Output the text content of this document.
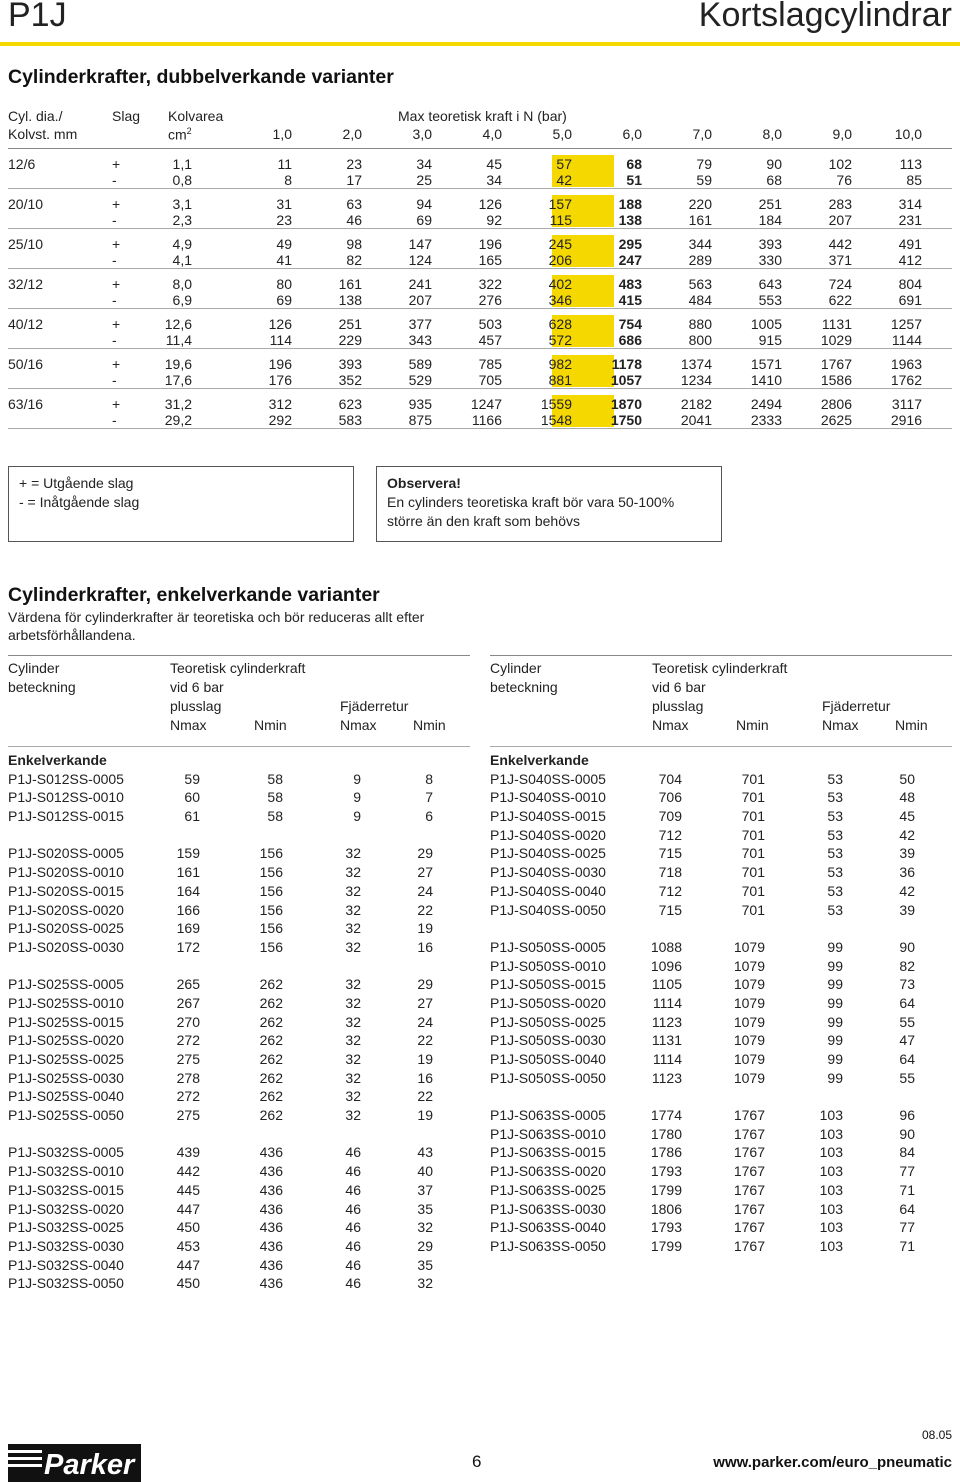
P1J	Kortslagcylindrar
Cylinderkrafter, dubbelverkande varianter
Cyl. dia./
Kolvst. mm
Slag Kolvarea
$cm^2$
Max teoretisk kraft i N (bar)
1,0	2,0	3,0	4,0	5,0	6,0	7,0	8,0	9,0	10,0
12/6	+	1,1	11	23	34	45	57	68	79	90	102	113
-	0,8	8	17	25	34	42	51	59	68	76	85
20/10	+	3,1	31	63	94	126	157	188	220	251	283	314
-	2,3	23	46	69	92	115	138	161	184	207	231
25/10	+	4,9	49	98	147	196	245	295	344	393	442	491
-	4,1	41	82	124	165	206	247	289	330	371	412
32/12	+	8,0	80	161	241	322	402	483	563	643	724	804
-	6,9	69	138	207	276	346	415	484	553	622	691
40/12	+	12,6	126	251	377	503	628	754	880	1005	1131	1257
-	11,4	114	229	343	457	572	686	800	915	1029	1144
50/16	+	19,6	196	393	589	785	982	1178	1374	1571	1767	1963
-	17,6	176	352	529	705	881	1057	1234	1410	1586	1762
63/16	+	31,2	312	623	935	1247	1559	1870	2182	2494	2806	3117
-	29,2	292	583	875	1166	1548	1750	2041	2333	2625	2916
+ = Utgående slag
- = Inåtgående slag
Observera!
En cylinders teoretiska kraft bör vara 50-100%
större än den kraft som behövs
Cylinderkrafter, enkelverkande varianter
Värdena för cylinderkrafter är teoretiska och bör reduceras allt efter
arbetsförhållandena.
Cylinder
beteckning
Teoretisk cylinderkraft
vid 6 bar
plusslag	Fjäderretur
Nmax	Nmin	Nmax	Nmin
Enkelverkande
P1J-S012SS-0005	59	58	9	8
P1J-S012SS-0010	60	58	9	7
P1J-S012SS-0015	61	58	9	6
P1J-S020SS-0005	159	156	32	29
P1J-S020SS-0010	161	156	32	27
P1J-S020SS-0015	164	156	32	24
P1J-S020SS-0020	166	156	32	22
P1J-S020SS-0025	169	156	32	19
P1J-S020SS-0030	172	156	32	16
P1J-S025SS-0005	265	262	32	29
P1J-S025SS-0010	267	262	32	27
P1J-S025SS-0015	270	262	32	24
P1J-S025SS-0020	272	262	32	22
P1J-S025SS-0025	275	262	32	19
P1J-S025SS-0030	278	262	32	16
P1J-S025SS-0040	272	262	32	22
P1J-S025SS-0050	275	262	32	19
P1J-S032SS-0005	439	436	46	43
P1J-S032SS-0010	442	436	46	40
P1J-S032SS-0015	445	436	46	37
P1J-S032SS-0020	447	436	46	35
P1J-S032SS-0025	450	436	46	32
P1J-S032SS-0030	453	436	46	29
P1J-S032SS-0040	447	436	46	35
P1J-S032SS-0050	450	436	46	32
Cylinder
beteckning
Teoretisk cylinderkraft
vid 6 bar
plusslag	Fjäderretur
Nmax	Nmin	Nmax	Nmin
Enkelverkande
P1J-S040SS-0005	704	701	53	50
P1J-S040SS-0010	706	701	53	48
P1J-S040SS-0015	709	701	53	45
P1J-S040SS-0020	712	701	53	42
P1J-S040SS-0025	715	701	53	39
P1J-S040SS-0030	718	701	53	36
P1J-S040SS-0040	712	701	53	42
P1J-S040SS-0050	715	701	53	39
P1J-S050SS-0005	1088	1079	99	90
P1J-S050SS-0010	1096	1079	99	82
P1J-S050SS-0015	1105	1079	99	73
P1J-S050SS-0020	1114	1079	99	64
P1J-S050SS-0025	1123	1079	99	55
P1J-S050SS-0030	1131	1079	99	47
P1J-S050SS-0040	1114	1079	99	64
P1J-S050SS-0050	1123	1079	99	55
P1J-S063SS-0005	1774	1767	103	96
P1J-S063SS-0010	1780	1767	103	90
P1J-S063SS-0015	1786	1767	103	84
P1J-S063SS-0020	1793	1767	103	77
P1J-S063SS-0025	1799	1767	103	71
P1J-S063SS-0030	1806	1767	103	64
P1J-S063SS-0040	1793	1767	103	77
P1J-S063SS-0050	1799	1767	103	71
08.05
Parker	6	www.parker.com/euro_pneumatic
